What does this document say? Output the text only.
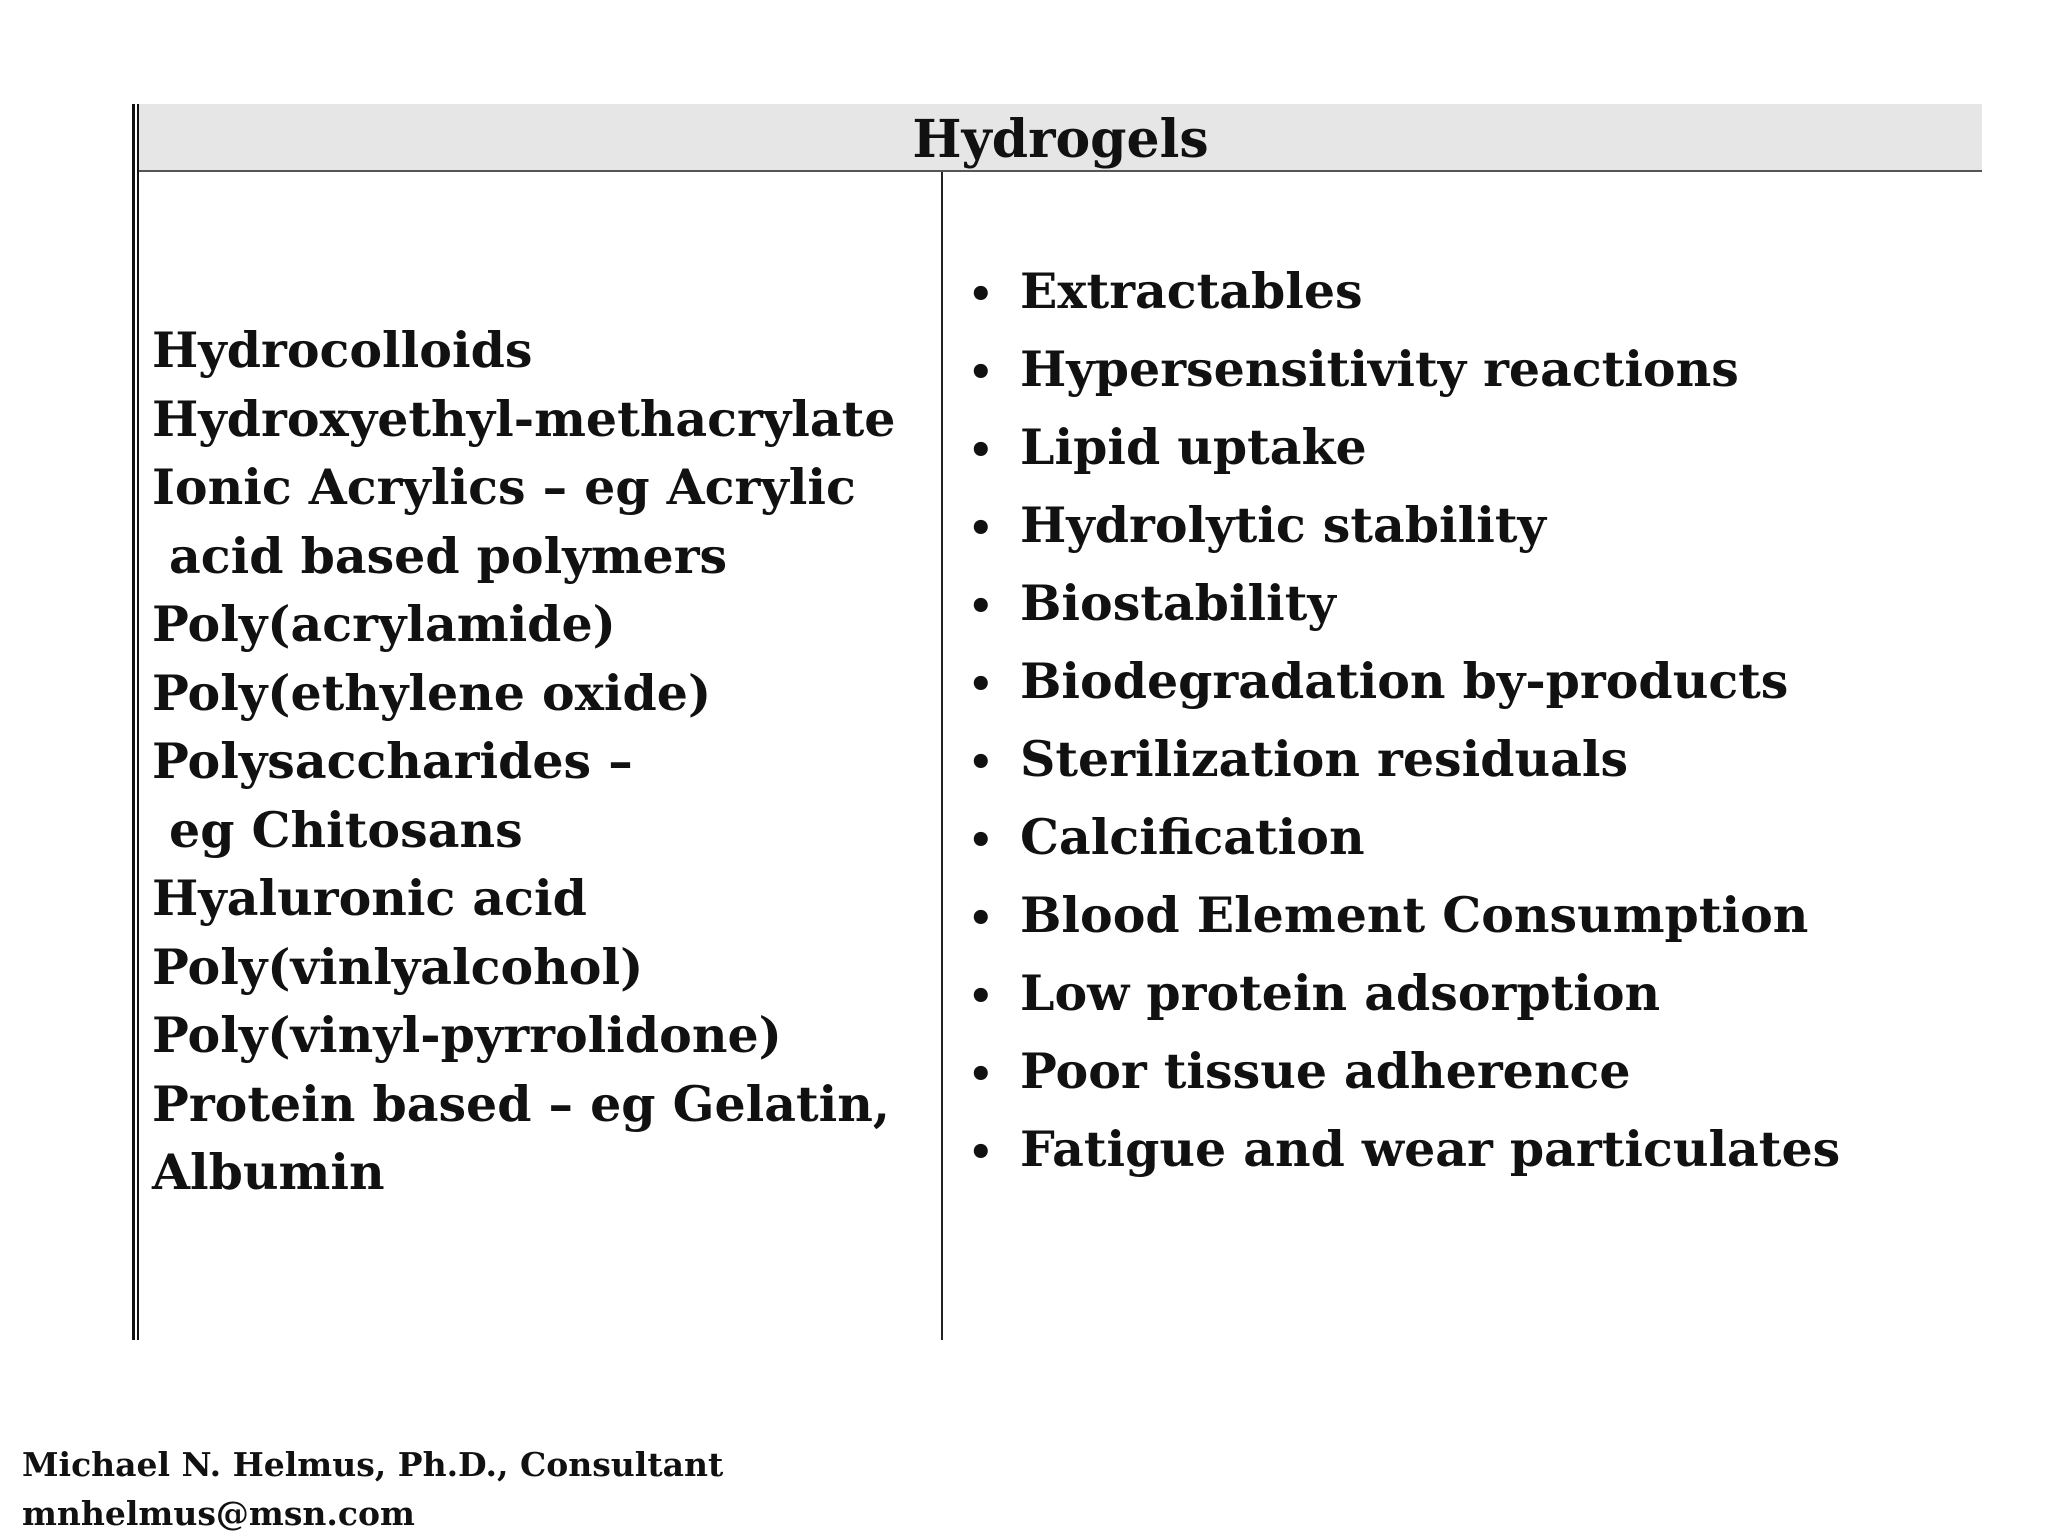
Hydrogels
Hydrocolloids
Hydroxyethyl-methacrylate
Ionic Acrylics – eg Acrylic
acid based polymers
Poly(acrylamide)
Poly(ethylene oxide)
Polysaccharides –
eg Chitosans
Hyaluronic acid
Poly(vinlyalcohol)
Poly(vinyl-pyrrolidone)
Protein based – eg Gelatin,
Albumin
• Extractables
• Hypersensitivity reactions
• Lipid uptake
• Hydrolytic stability
• Biostability
• Biodegradation by-products
• Sterilization residuals
• Calcification
• Blood Element Consumption
• Low protein adsorption
• Poor tissue adherence
• Fatigue and wear particulates
Michael N. Helmus, Ph.D., Consultant
mnhelmus@msn.com
